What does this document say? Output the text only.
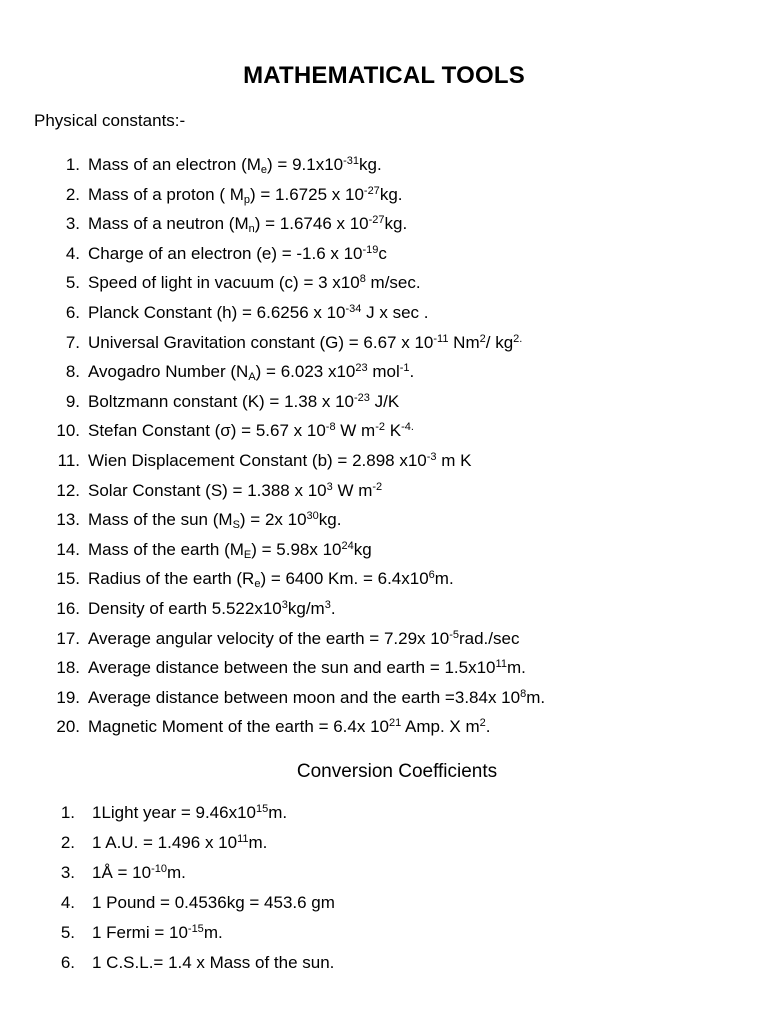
MATHEMATICAL TOOLS
Physical constants:-
1. Mass of an electron $(M_e) = 9.1x10^{-31}kg$.
2. Mass of a proton ( $M_p) = 1.6725$ x $10^{-27}kg$.
3. Mass of a neutron $(M_n) = 1.6746$ x $10^{-27}kg$.
4. Charge of an electron (e) = -1.6 x $10^{-19}c$
5. Speed of light in vacuum (c) = 3 $x10^8$ m/sec.
6. Planck Constant (h) = 6.6256 x $10^{-34}$ J x sec .
7. Universal Gravitation constant (G) = 6.67 x $10^{-11}$ Nm$^2$/ $kg^{2.}$
8. Avogadro Number $(N_A) = 6.023$ $x10^{23}$ mol$^{-1}$.
9. Boltzmann constant (K) = 1.38 x $10^{-23}$ J/K
10. Stefan Constant (σ) = 5.67 x $10^{-8}$ W $m^{-2}$ $K^{-4.}$
11. Wien Displacement Constant (b) = 2.898 $x10^{-3}$ m K
12. Solar Constant (S) = 1.388 x $10^3$ W $m^{-2}$
13. Mass of the sun $(M_S) = 2x$ $10^{30}kg$.
14. Mass of the earth $(M_E) = 5.98x$ $10^{24}kg$
15. Radius of the earth $(R_e) = 6400$ Km. = $6.4x10^6m$.
16. Density of earth $5.522x10^3kg/m^3$.
17. Average angular velocity of the earth = 7.29x $10^{-5}rad./\sec$
18. Average distance between the sun and earth = $1.5x10^{11}m$.
19. Average distance between moon and the earth =3.84x $10^8m$.
20. Magnetic Moment of the earth = 6.4x $10^{21}$ Amp. X $m^2$.
Conversion Coefficients
1. 1Light year = $9.46x10^{15}m$.
2. 1 A.U. = 1.496 x $10^{11}m$.
3. 1Å = $10^{-10}m$.
4. 1 Pound = 0.4536kg = 453.6 gm
5. 1 Fermi = $10^{-15}m$.
6. 1 C.S.L.= 1.4 x Mass of the sun.
